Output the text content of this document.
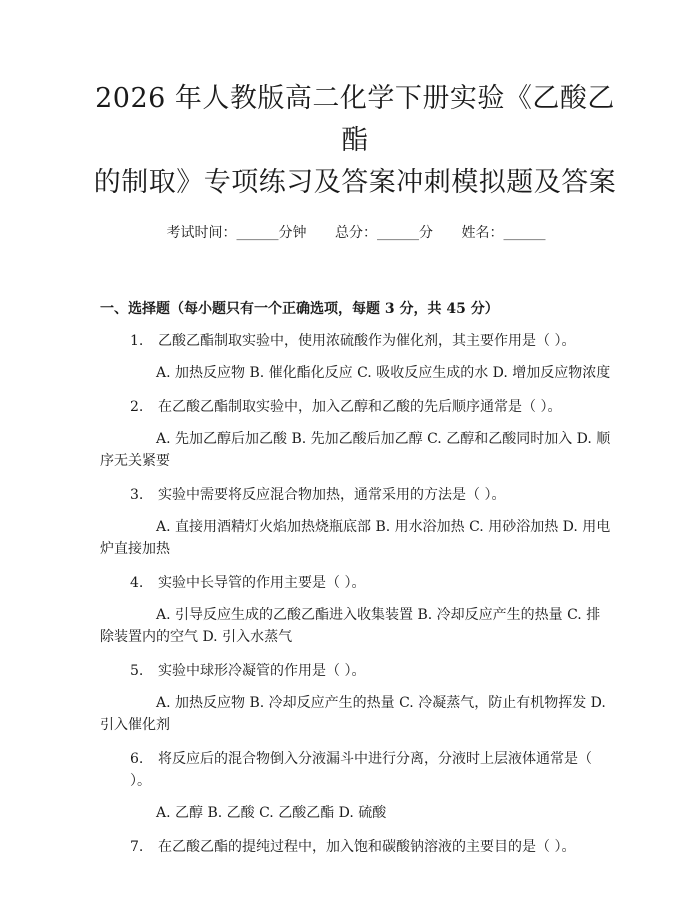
2026 年人教版高二化学下册实验《乙酸乙酯
的制取》专项练习及答案冲刺模拟题及答案
考试时间：______分钟 总分：______分 姓名：______
一、选择题（每小题只有一个正确选项，每题 3 分，共 45 分）
1. 乙酸乙酯制取实验中，使用浓硫酸作为催化剂，其主要作用是（ ）。
A. 加热反应物 B. 催化酯化反应 C. 吸收反应生成的水 D. 增加反应物浓度
2. 在乙酸乙酯制取实验中，加入乙醇和乙酸的先后顺序通常是（ ）。
A. 先加乙醇后加乙酸 B. 先加乙酸后加乙醇 C. 乙醇和乙酸同时加入 D. 顺序无关紧要
3. 实验中需要将反应混合物加热，通常采用的方法是（ ）。
A. 直接用酒精灯火焰加热烧瓶底部 B. 用水浴加热 C. 用砂浴加热 D. 用电炉直接加热
4. 实验中长导管的作用主要是（ ）。
A. 引导反应生成的乙酸乙酯进入收集装置 B. 冷却反应产生的热量 C. 排除装置内的空气 D. 引入水蒸气
5. 实验中球形冷凝管的作用是（ ）。
A. 加热反应物 B. 冷却反应产生的热量 C. 冷凝蒸气，防止有机物挥发 D. 引入催化剂
6. 将反应后的混合物倒入分液漏斗中进行分离，分液时上层液体通常是（ ）。
A. 乙醇 B. 乙酸 C. 乙酸乙酯 D. 硫酸
7. 在乙酸乙酯的提纯过程中，加入饱和碳酸钠溶液的主要目的是（ ）。
